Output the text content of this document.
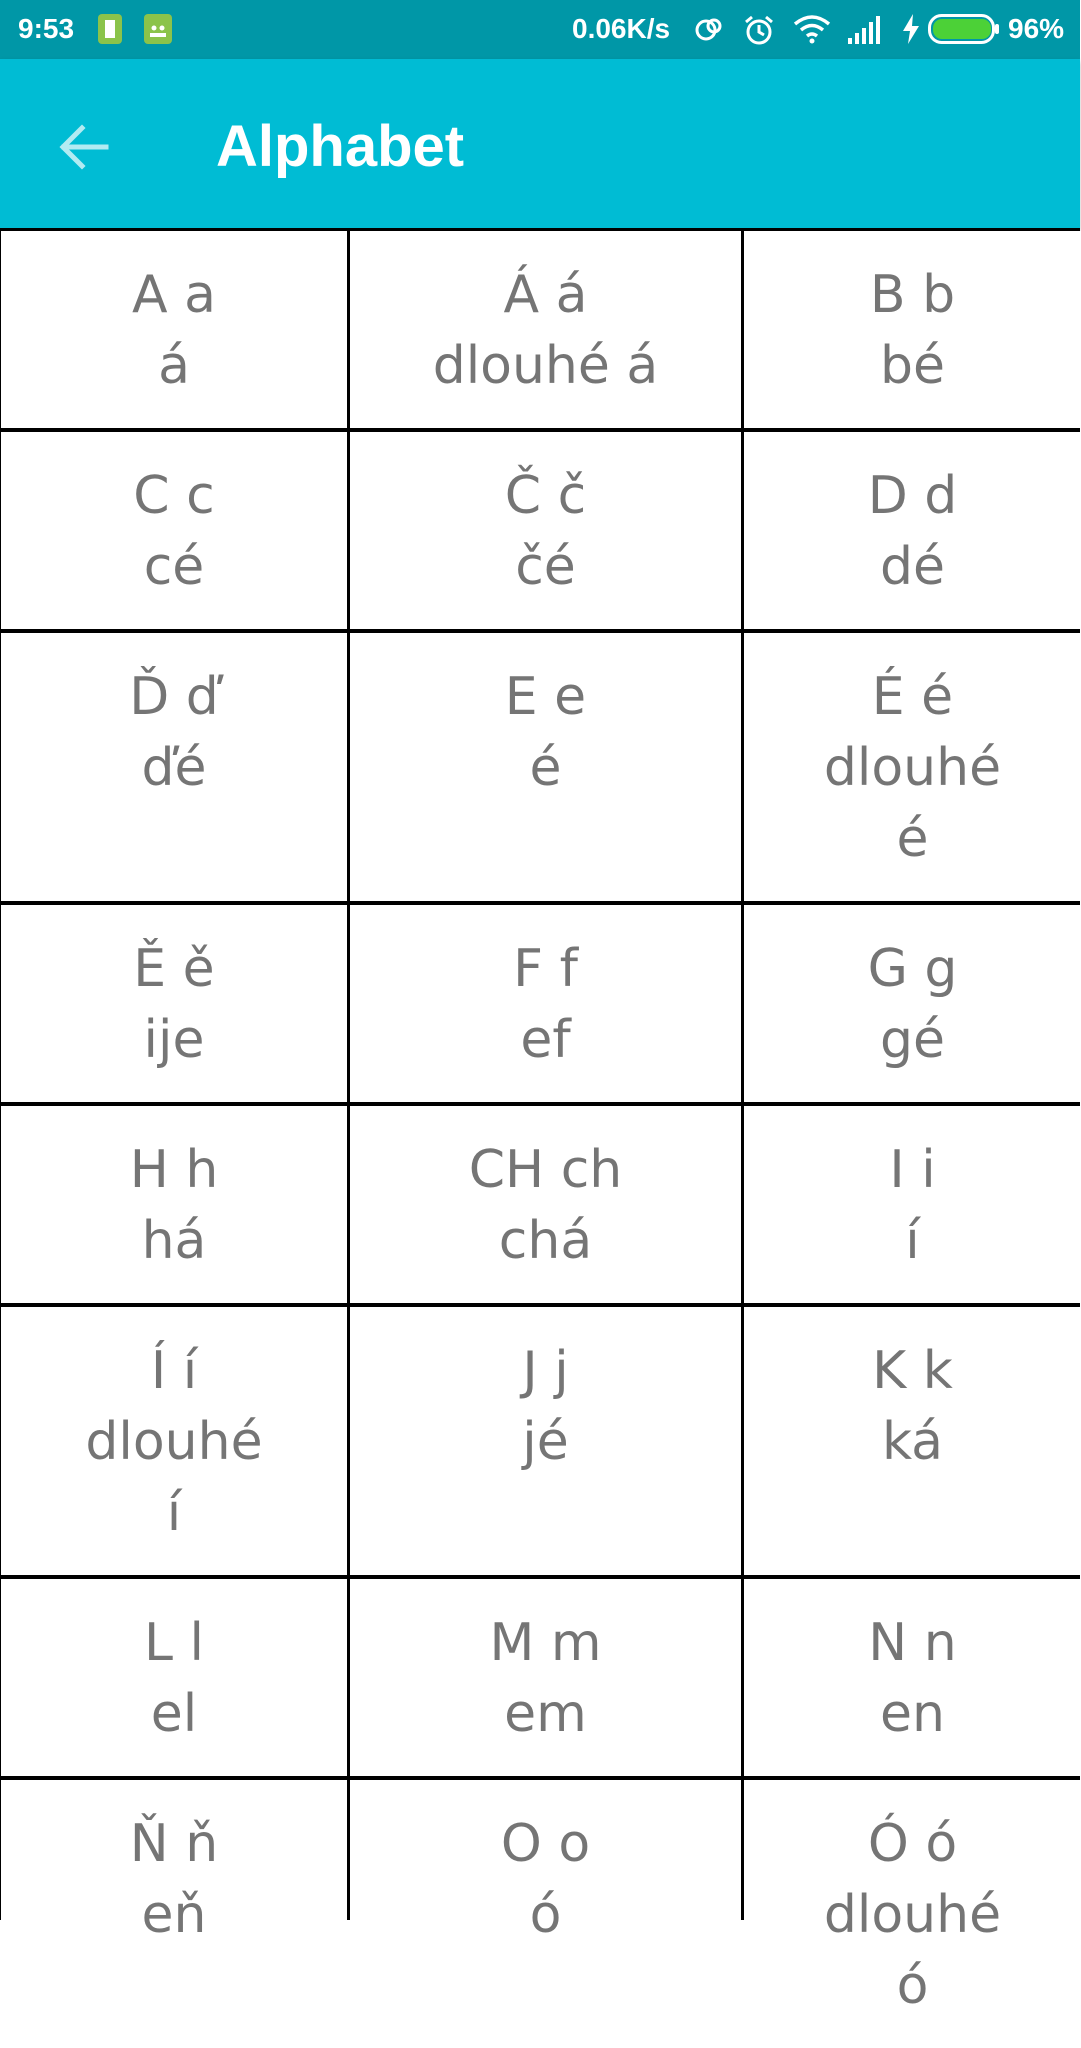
9:53	0.06K/s	96%
Alphabet
A a
á
Á á
dlouhé á
B b
bé
C c
cé
Č č
čé
D d
dé
Ď ď
ďé
E e
é
É é
dlouhé é
Ě ě
ije
F f
ef
G g
gé
H h
há
CH ch
chá
I i
í
Í í
dlouhé í
J j
jé
K k
ká
L l
el
M m
em
N n
en
Ň ň
eň
O o
ó
Ó ó
dlouhé ó
